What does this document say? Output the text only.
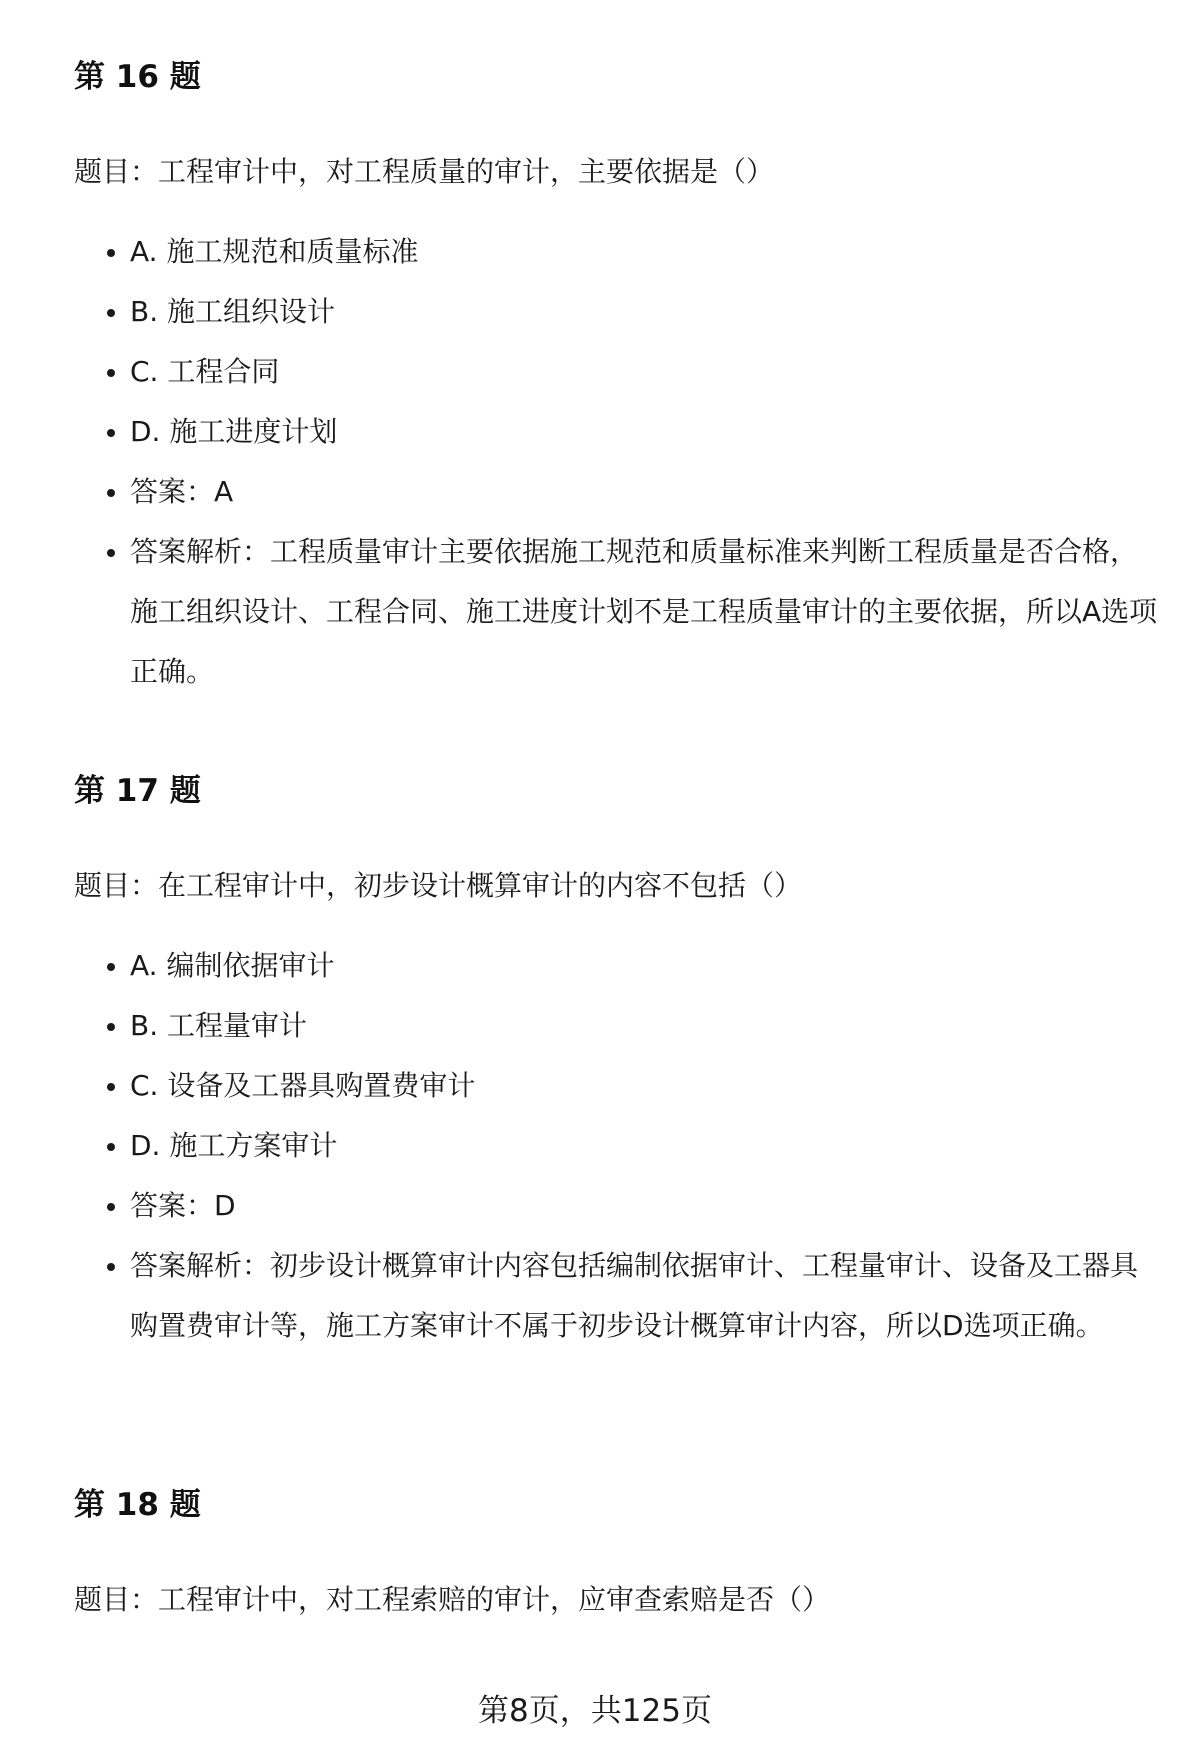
第 16 题

题目：工程审计中，对工程质量的审计，主要依据是（）

A. 施工规范和质量标准
B. 施工组织设计
C. 工程合同
D. 施工进度计划
答案：A
答案解析：工程质量审计主要依据施工规范和质量标准来判断工程质量是否合格，施工组织设计、工程合同、施工进度计划不是工程质量审计的主要依据，所以A选项正确。
第 17 题

题目：在工程审计中，初步设计概算审计的内容不包括（）

A. 编制依据审计
B. 工程量审计
C. 设备及工器具购置费审计
D. 施工方案审计
答案：D
答案解析：初步设计概算审计内容包括编制依据审计、工程量审计、设备及工器具购置费审计等，施工方案审计不属于初步设计概算审计内容，所以D选项正确。
第 18 题

题目：工程审计中，对工程索赔的审计，应审查索赔是否（）

第8页，共125页
